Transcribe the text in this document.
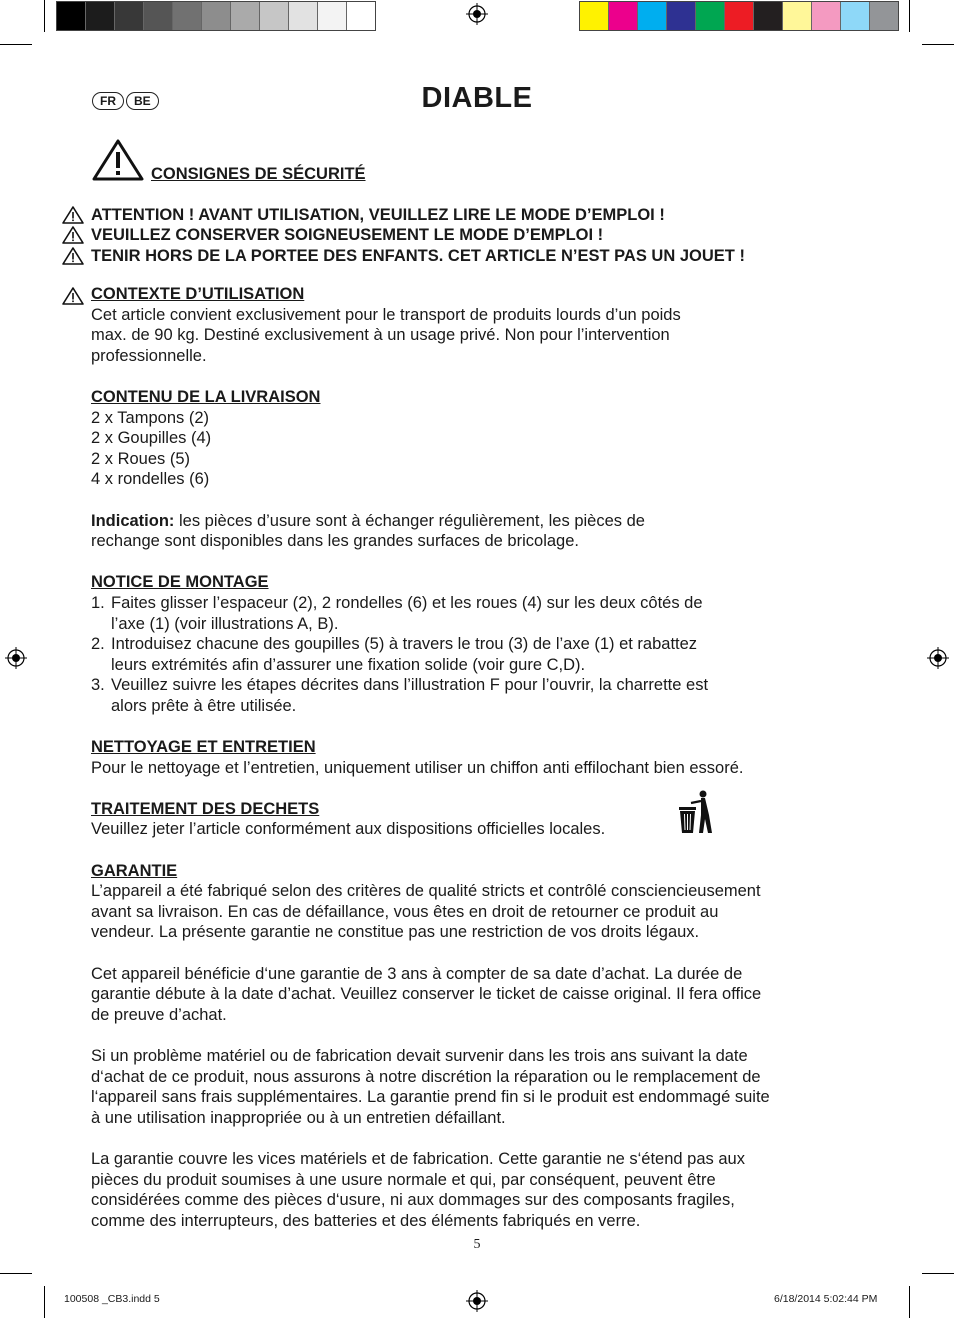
FR	BE	DIABLE
CONSIGNES DE SÉCURITÉ
ATTENTION ! AVANT UTILISATION, VEUILLEZ LIRE LE MODE D’EMPLOI !
VEUILLEZ CONSERVER SOIGNEUSEMENT LE MODE D’EMPLOI !
TENIR HORS DE LA PORTEE DES ENFANTS. CET ARTICLE N’EST PAS UN JOUET !

CONTEXTE D’UTILISATION

Cet article convient exclusivement pour le transport de produits lourds d’un poids

max. de 90 kg. Destiné exclusivement à un usage privé. Non pour l’intervention

professionnelle.

CONTENU DE LA LIVRAISON

2 x Tampons (2)

2 x Goupilles (4)

2 x Roues (5)

4 x rondelles (6)

Indication: les pièces d’usure sont à échanger régulièrement, les pièces de

rechange sont disponibles dans les grandes surfaces de bricolage.

NOTICE DE MONTAGE

1. Faites glisser l’espaceur (2), 2 rondelles (6) et les roues (4) sur les deux côtés de

l’axe (1) (voir illustrations A, B).

2. Introduisez chacune des goupilles (5) à travers le trou (3) de l’axe (1) et rabattez

leurs extrémités afin d’assurer une fixation solide (voir gure C,D).

3. Veuillez suivre les étapes décrites dans l’illustration F pour l’ouvrir, la charrette est

alors prête à être utilisée.

NETTOYAGE ET ENTRETIEN

Pour le nettoyage et l’entretien, uniquement utiliser un chiffon anti effilochant bien essoré.

TRAITEMENT DES DECHETS

Veuillez jeter l’article conformément aux dispositions officielles locales.

GARANTIE

L’appareil a été fabriqué selon des critères de qualité stricts et contrôlé consciencieusement

avant sa livraison. En cas de défaillance, vous êtes en droit de retourner ce produit au

vendeur. La présente garantie ne constitue pas une restriction de vos droits légaux.

Cet appareil bénéficie d‘une garantie de 3 ans à compter de sa date d’achat. La durée de

garantie débute à la date d’achat. Veuillez conserver le ticket de caisse original. Il fera office

de preuve d’achat.

Si un problème matériel ou de fabrication devait survenir dans les trois ans suivant la date

d‘achat de ce produit, nous assurons à notre discrétion la réparation ou le remplacement de

l‘appareil sans frais supplémentaires. La garantie prend fin si le produit est endommagé suite

à une utilisation inappropriée ou à un entretien défaillant.

La garantie couvre les vices matériels et de fabrication. Cette garantie ne s‘étend pas aux

pièces du produit soumises à une usure normale et qui, par conséquent, peuvent être

considérées comme des pièces d‘usure, ni aux dommages sur des composants fragiles,

comme des interrupteurs, des batteries et des éléments fabriqués en verre.

5
100508 _CB3.indd 5	6/18/2014 5:02:44 PM
